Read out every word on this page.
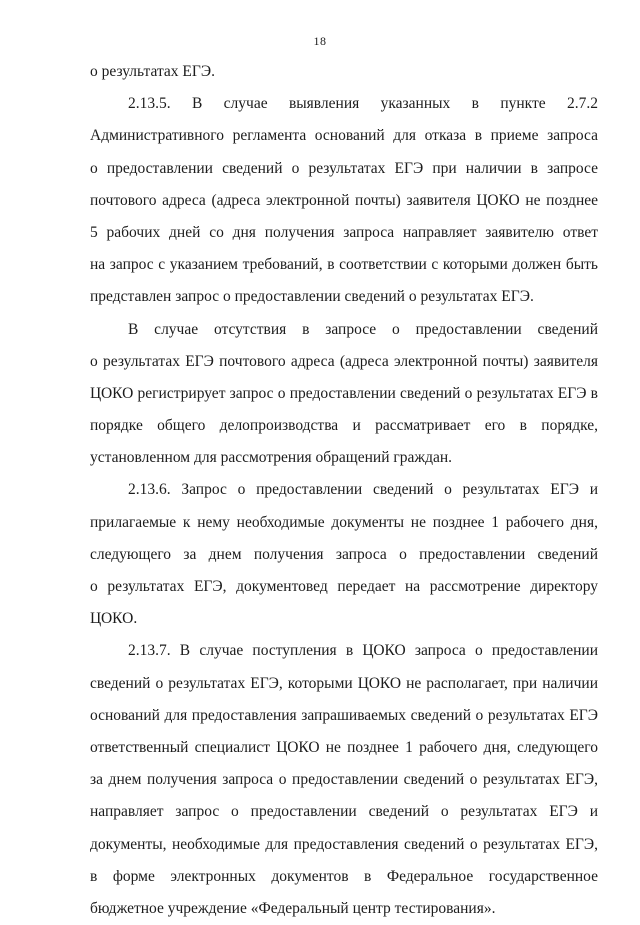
18
о результатах ЕГЭ.
2.13.5. В случае выявления указанных в пункте 2.7.2
Административного регламента оснований для отказа в приеме запроса
о предоставлении сведений о результатах ЕГЭ при наличии в запросе
почтового адреса (адреса электронной почты) заявителя ЦОКО не позднее
5 рабочих дней со дня получения запроса направляет заявителю ответ
на запрос с указанием требований, в соответствии с которыми должен быть
представлен запрос о предоставлении сведений о результатах ЕГЭ.
В случае отсутствия в запросе о предоставлении сведений
о результатах ЕГЭ почтового адреса (адреса электронной почты) заявителя
ЦОКО регистрирует запрос о предоставлении сведений о результатах ЕГЭ в
порядке общего делопроизводства и рассматривает его в порядке,
установленном для рассмотрения обращений граждан.
2.13.6. Запрос о предоставлении сведений о результатах ЕГЭ и
прилагаемые к нему необходимые документы не позднее 1 рабочего дня,
следующего за днем получения запроса о предоставлении сведений
о результатах ЕГЭ, документовед передает на рассмотрение директору
ЦОКО.
2.13.7. В случае поступления в ЦОКО запроса о предоставлении
сведений о результатах ЕГЭ, которыми ЦОКО не располагает, при наличии
оснований для предоставления запрашиваемых сведений о результатах ЕГЭ
ответственный специалист ЦОКО не позднее 1 рабочего дня, следующего
за днем получения запроса о предоставлении сведений о результатах ЕГЭ,
направляет запрос о предоставлении сведений о результатах ЕГЭ и
документы, необходимые для предоставления сведений о результатах ЕГЭ,
в форме электронных документов в Федеральное государственное
бюджетное учреждение «Федеральный центр тестирования».
